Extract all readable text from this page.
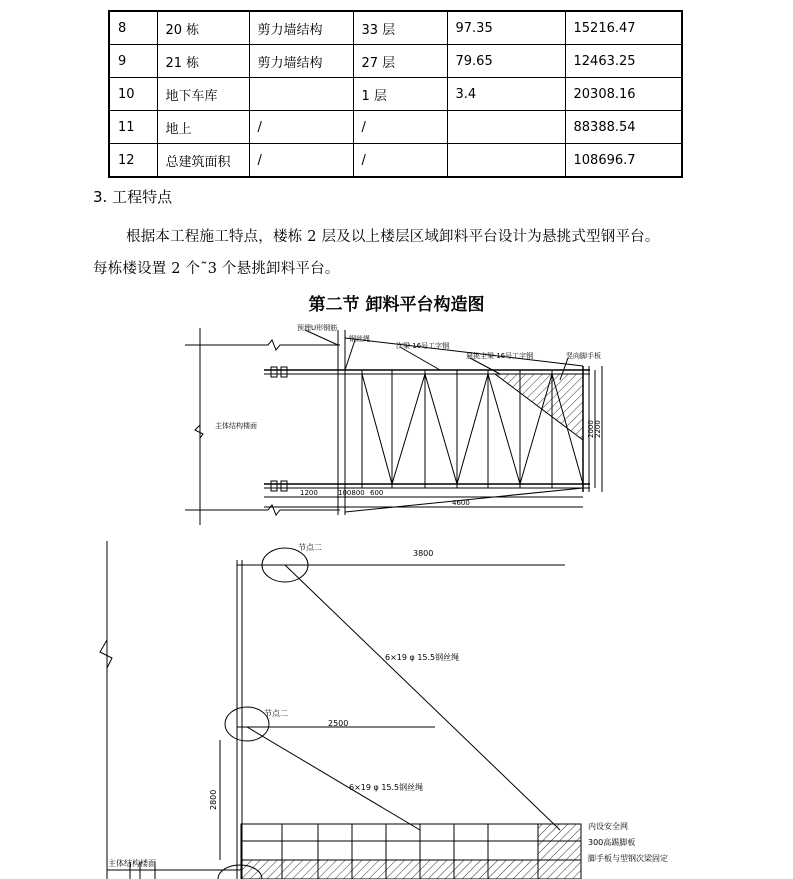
8	20 栋	剪力墙结构	33 层	97.35	15216.47
9	21 栋	剪力墙结构	27 层	79.65	12463.25
10	地下车库		1 层	3.4	20308.16
11	地上	/	/		88388.54
12	总建筑面积	/	/		108696.7
3. 工程特点
根据本工程施工特点，楼栋 2 层及以上楼层区域卸料平台设计为悬挑式型钢平台。
每栋楼设置 2 个˜3 个悬挑卸料平台。
第二节 卸料平台构造图
预埋U形钢筋
钢丝绳
次梁 16号工字钢
悬挑主梁 16号工字钢	竖向脚手板
主体结构楼面
1200	100800 600
4600
2000 2200
节点二
3800
6×19 φ 15.5钢丝绳
节点二
2500
6×19 φ 15.5钢丝绳
2800
内设安全网
300高踢脚板
脚手板与型钢次梁固定
主体结构楼面
